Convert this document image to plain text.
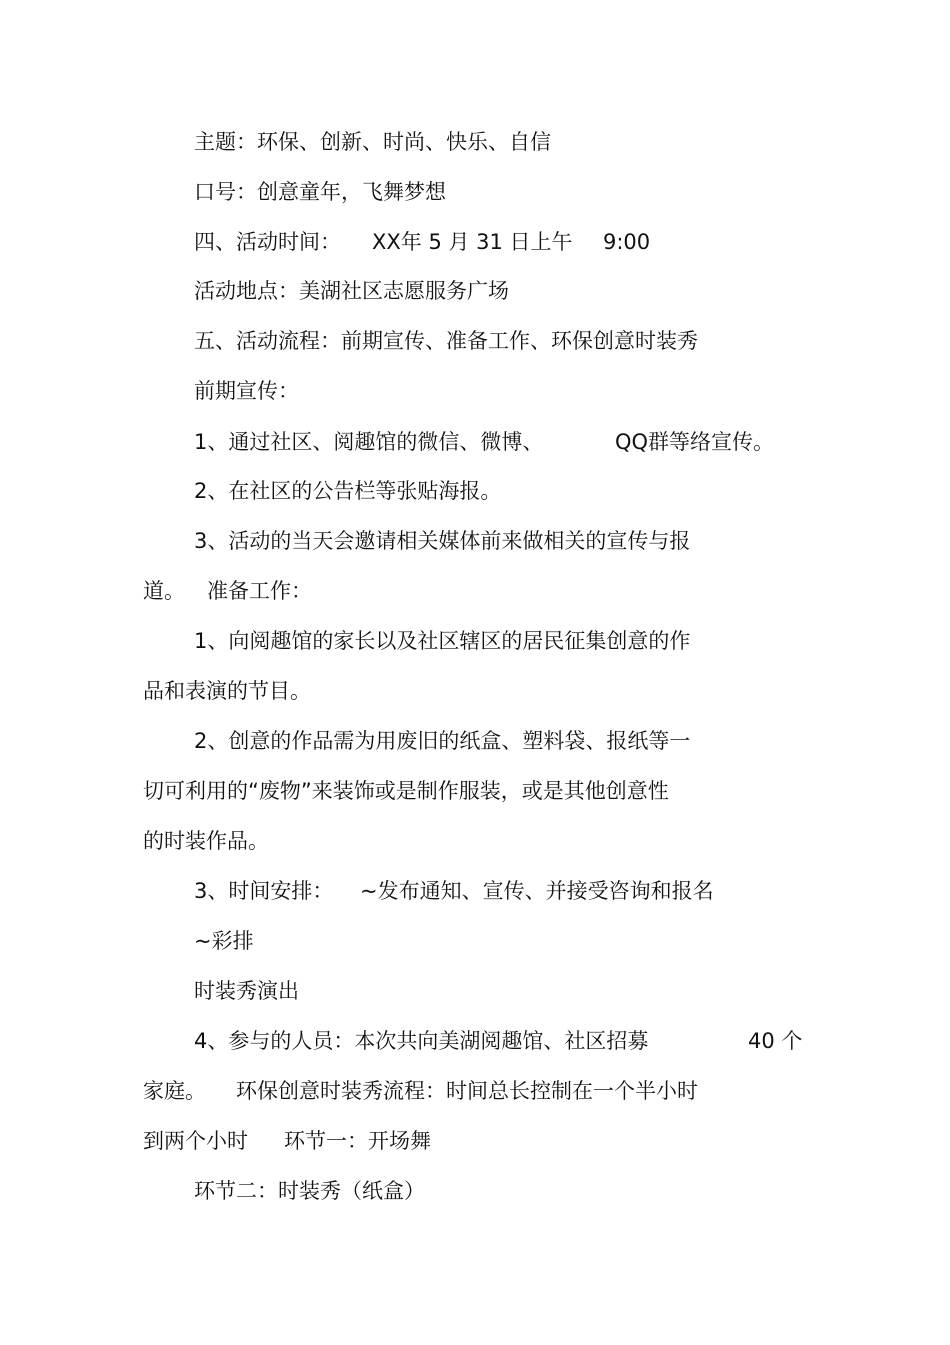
主题：环保、创新、时尚、快乐、自信
口号：创意童年，飞舞梦想
四、活动时间： XX年 5 月 31 日上午 9:00
活动地点：美湖社区志愿服务广场
五、活动流程：前期宣传、准备工作、环保创意时装秀
前期宣传：
1、通过社区、阅趣馆的微信、微博、	QQ群等络宣传。
2、在社区的公告栏等张贴海报。
3、活动的当天会邀请相关媒体前来做相关的宣传与报
道。 准备工作：
1、向阅趣馆的家长以及社区辖区的居民征集创意的作
品和表演的节目。
2、创意的作品需为用废旧的纸盒、塑料袋、报纸等一
切可利用的“废物”来装饰或是制作服装，或是其他创意性
的时装作品。
3、时间安排： ~发布通知、宣传、并接受咨询和报名
~彩排
时装秀演出
4、参与的人员：本次共向美湖阅趣馆、社区招募	40 个
家庭。 环保创意时装秀流程：时间总长控制在一个半小时
到两个小时 环节一：开场舞
环节二：时装秀（纸盒）
